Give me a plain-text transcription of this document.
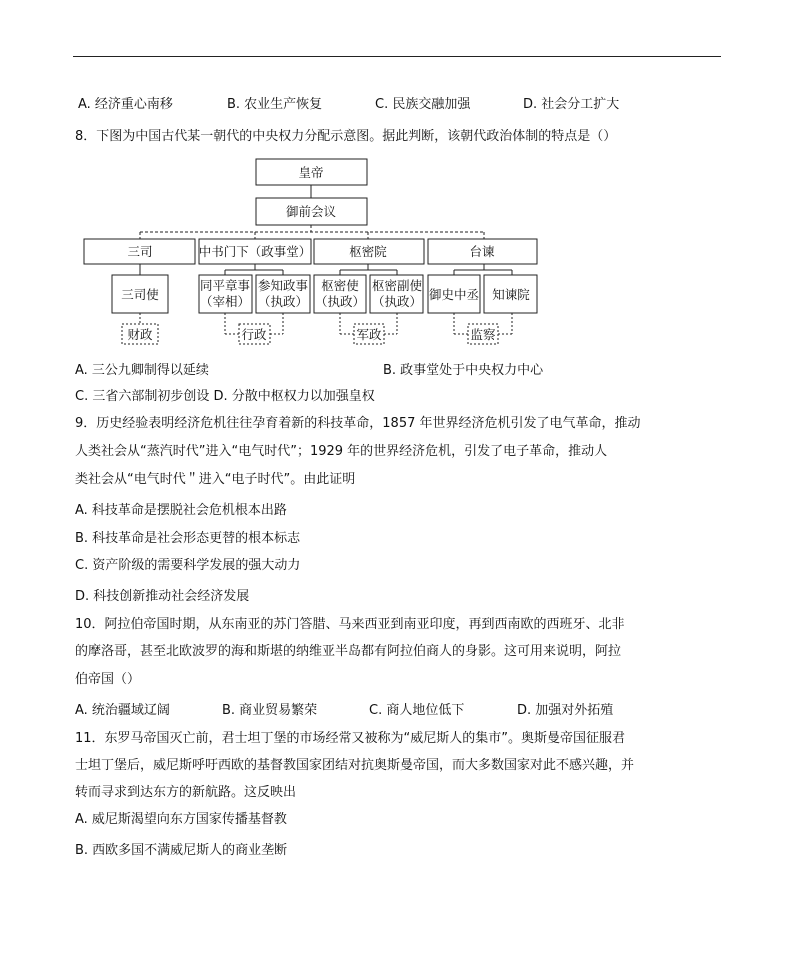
A. 经济重心南移	B. 农业生产恢复	C. 民族交融加强	D. 社会分工扩大
8．下图为中国古代某一朝代的中央权力分配示意图。据此判断，该朝代政治体制的特点是（）
皇帝
御前会议
三司	中书门下（政事堂）	枢密院	台谏
三司使
同平章事
（宰相）
参知政事
（执政）
枢密使
（执政）
枢密副使
（执政） 御史中丞 知谏院
财政	行政	军政	监察
A. 三公九卿制得以延续	B. 政事堂处于中央权力中心
C. 三省六部制初步创设 D. 分散中枢权力以加强皇权
9．历史经验表明经济危机往往孕育着新的科技革命，1857 年世界经济危机引发了电气革命，推动
人类社会从“蒸汽时代”进入“电气时代”；1929 年的世界经济危机，引发了电子革命，推动人
类社会从“电气时代＂进入“电子时代”。由此证明
A. 科技革命是摆脱社会危机根本出路
B. 科技革命是社会形态更替的根本标志
C. 资产阶级的需要科学发展的强大动力
D. 科技创新推动社会经济发展
10．阿拉伯帝国时期，从东南亚的苏门答腊、马来西亚到南亚印度，再到西南欧的西班牙、北非
的摩洛哥，甚至北欧波罗的海和斯堪的纳维亚半岛都有阿拉伯商人的身影。这可用来说明，阿拉
伯帝国（）
A. 统治疆域辽阔	B. 商业贸易繁荣	C. 商人地位低下	D. 加强对外拓殖
11．东罗马帝国灭亡前，君士坦丁堡的市场经常又被称为“威尼斯人的集市”。奥斯曼帝国征服君
士坦丁堡后，威尼斯呼吁西欧的基督教国家团结对抗奥斯曼帝国，而大多数国家对此不感兴趣，并
转而寻求到达东方的新航路。这反映出
A. 威尼斯渴望向东方国家传播基督教
B. 西欧多国不满威尼斯人的商业垄断
